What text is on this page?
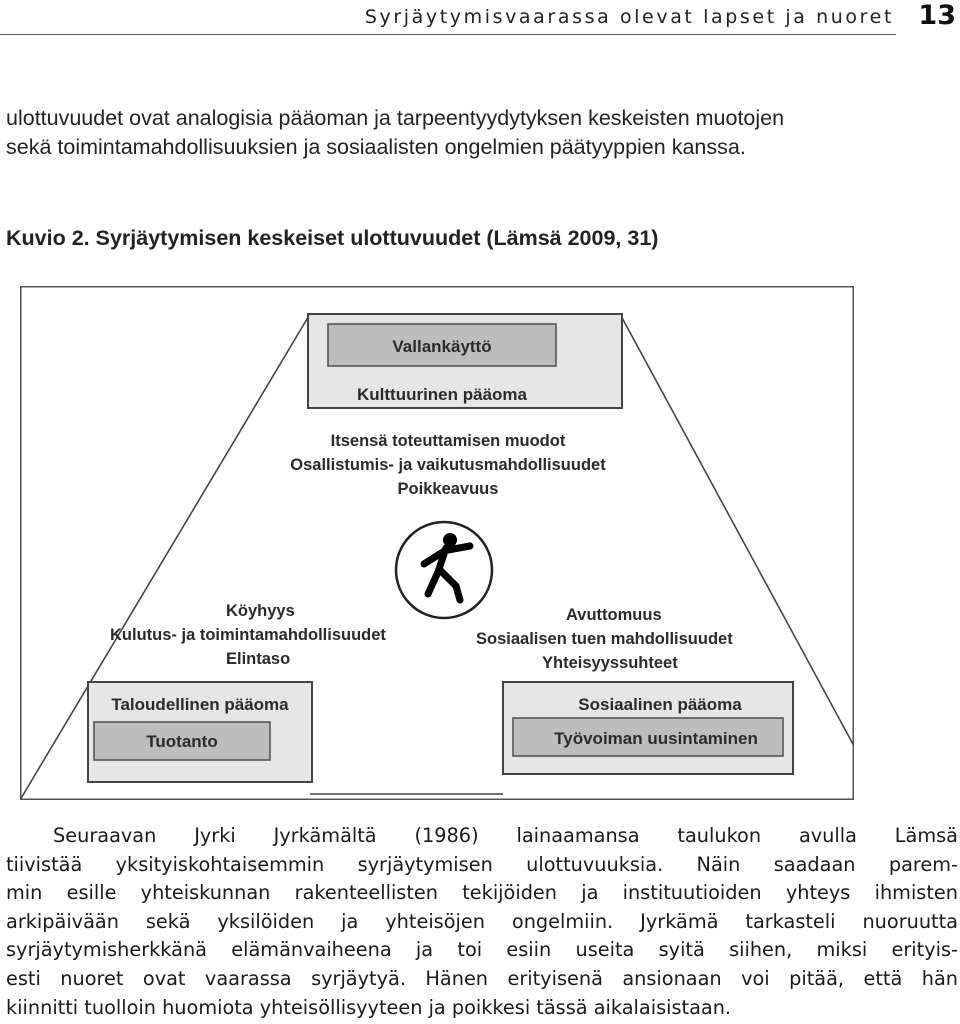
Syrjäytymisvaarassa olevat lapset ja nuoret 13
ulottuvuudet ovat analogisia pääoman ja tarpeentyydytyksen keskeisten muotojen
sekä toimintamahdollisuuksien ja sosiaalisten ongelmien päätyyppien kanssa.
Kuvio 2. Syrjäytymisen keskeiset ulottuvuudet (Lämsä 2009, 31)
Vallankäyttö
Kulttuurinen pääoma
Itsensä toteuttamisen muodot
Osallistumis- ja vaikutusmahdollisuudet
Poikkeavuus
Köyhyys
Kulutus- ja toimintamahdollisuudet
Elintaso
Avuttomuus
Sosiaalisen tuen mahdollisuudet
Yhteisyyssuhteet
Taloudellinen pääoma
Tuotanto
Sosiaalinen pääoma
Työvoiman uusintaminen
Seuraavan Jyrki Jyrkämältä (1986) lainaamansa taulukon avulla Lämsä
tiivistää yksityiskohtaisemmin syrjäytymisen ulottuvuuksia. Näin saadaan parem-
min esille yhteiskunnan rakenteellisten tekijöiden ja instituutioiden yhteys ihmisten
arkipäivään sekä yksilöiden ja yhteisöjen ongelmiin. Jyrkämä tarkasteli nuoruutta
syrjäytymisherkkänä elämänvaiheena ja toi esiin useita syitä siihen, miksi erityis-
esti nuoret ovat vaarassa syrjäytyä. Hänen erityisenä ansionaan voi pitää, että hän
kiinnitti tuolloin huomiota yhteisöllisyyteen ja poikkesi tässä aikalaisistaan.
